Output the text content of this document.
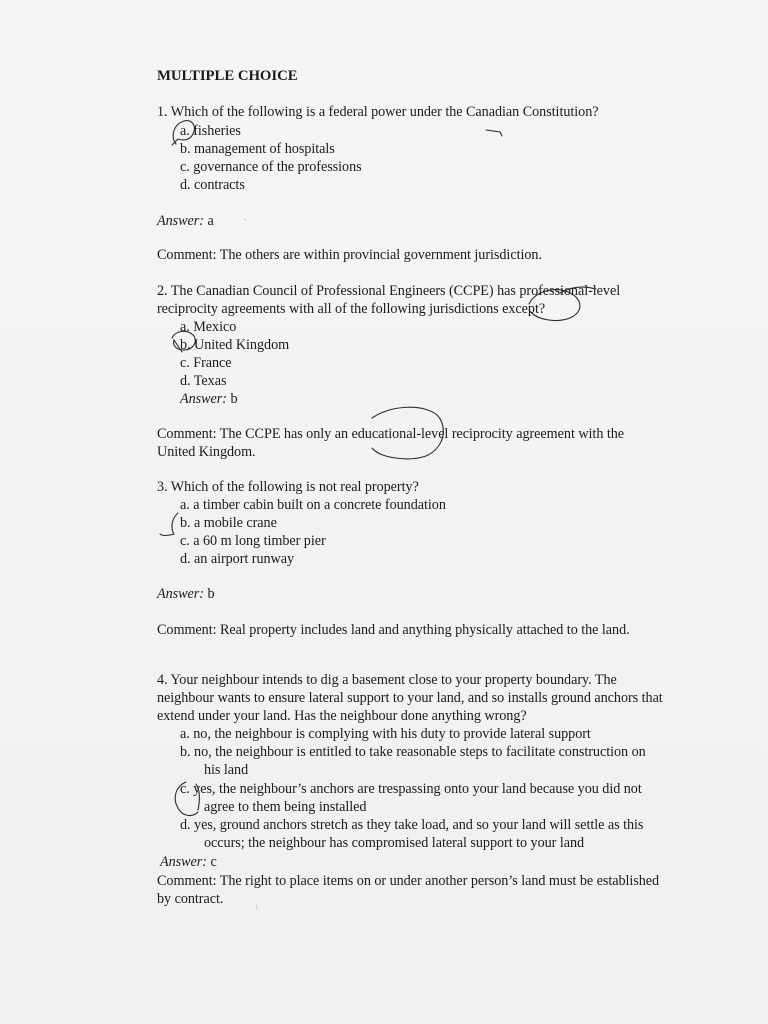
MULTIPLE CHOICE
1. Which of the following is a federal power under the Canadian Constitution?
a. fisheries
b. management of hospitals
c. governance of the professions
d. contracts
Answer: a
Comment: The others are within provincial government jurisdiction.
2. The Canadian Council of Professional Engineers (CCPE) has professional-level
reciprocity agreements with all of the following jurisdictions except?
a. Mexico
b. United Kingdom
c. France
d. Texas
Answer: b
Comment: The CCPE has only an educational-level reciprocity agreement with the
United Kingdom.
3. Which of the following is not real property?
a. a timber cabin built on a concrete foundation
b. a mobile crane
c. a 60 m long timber pier
d. an airport runway
Answer: b
Comment: Real property includes land and anything physically attached to the land.
4. Your neighbour intends to dig a basement close to your property boundary. The
neighbour wants to ensure lateral support to your land, and so installs ground anchors that
extend under your land. Has the neighbour done anything wrong?
a. no, the neighbour is complying with his duty to provide lateral support
b. no, the neighbour is entitled to take reasonable steps to facilitate construction on
his land
c. yes, the neighbour’s anchors are trespassing onto your land because you did not
agree to them being installed
d. yes, ground anchors stretch as they take load, and so your land will settle as this
occurs; the neighbour has compromised lateral support to your land
Answer: c
Comment: The right to place items on or under another person’s land must be established
by contract.
